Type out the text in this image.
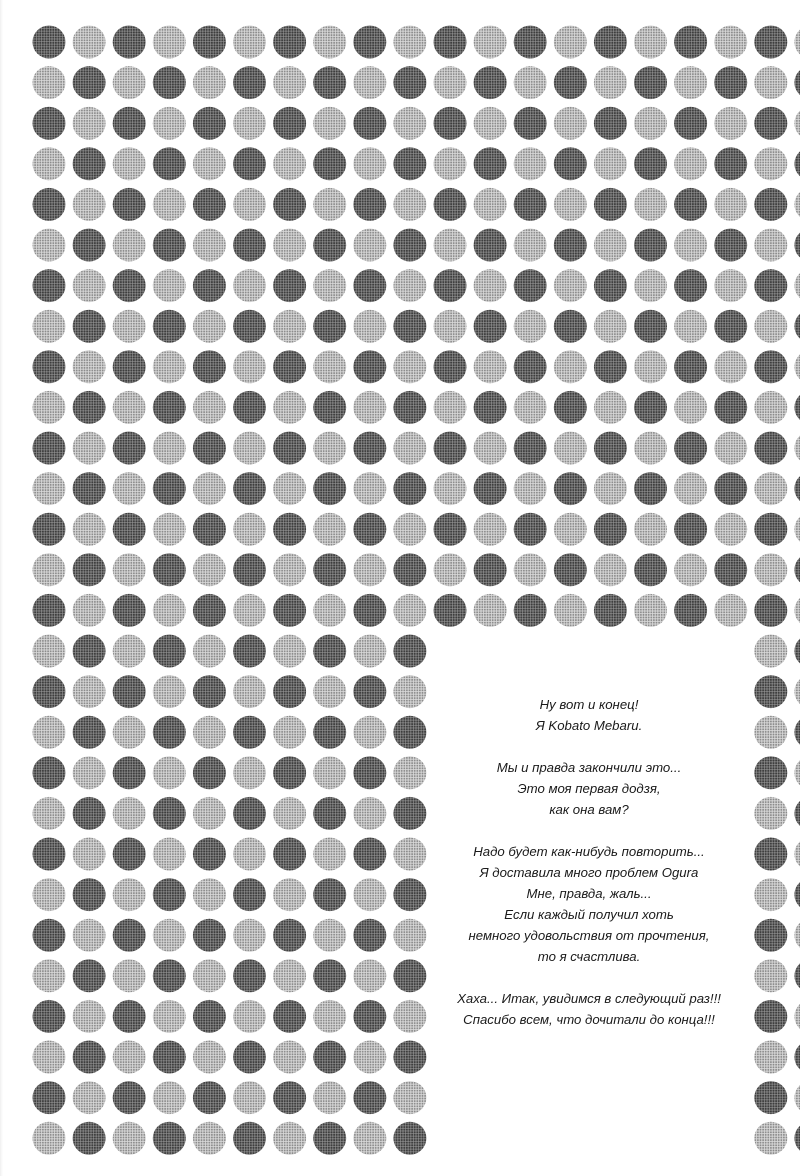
Ну вот и конец!
Я Kobato Mebaru.
Мы и правда закончили это...
Это моя первая додзя,
как она вам?
Надо будет как-нибудь повторить...
Я доставила много проблем Ogura
Мне, правда, жаль...
Если каждый получил хоть
немного удовольствия от прочтения,
то я счастлива.
Хаха... Итак, увидимся в следующий раз!!!
Спасибо всем, что дочитали до конца!!!
